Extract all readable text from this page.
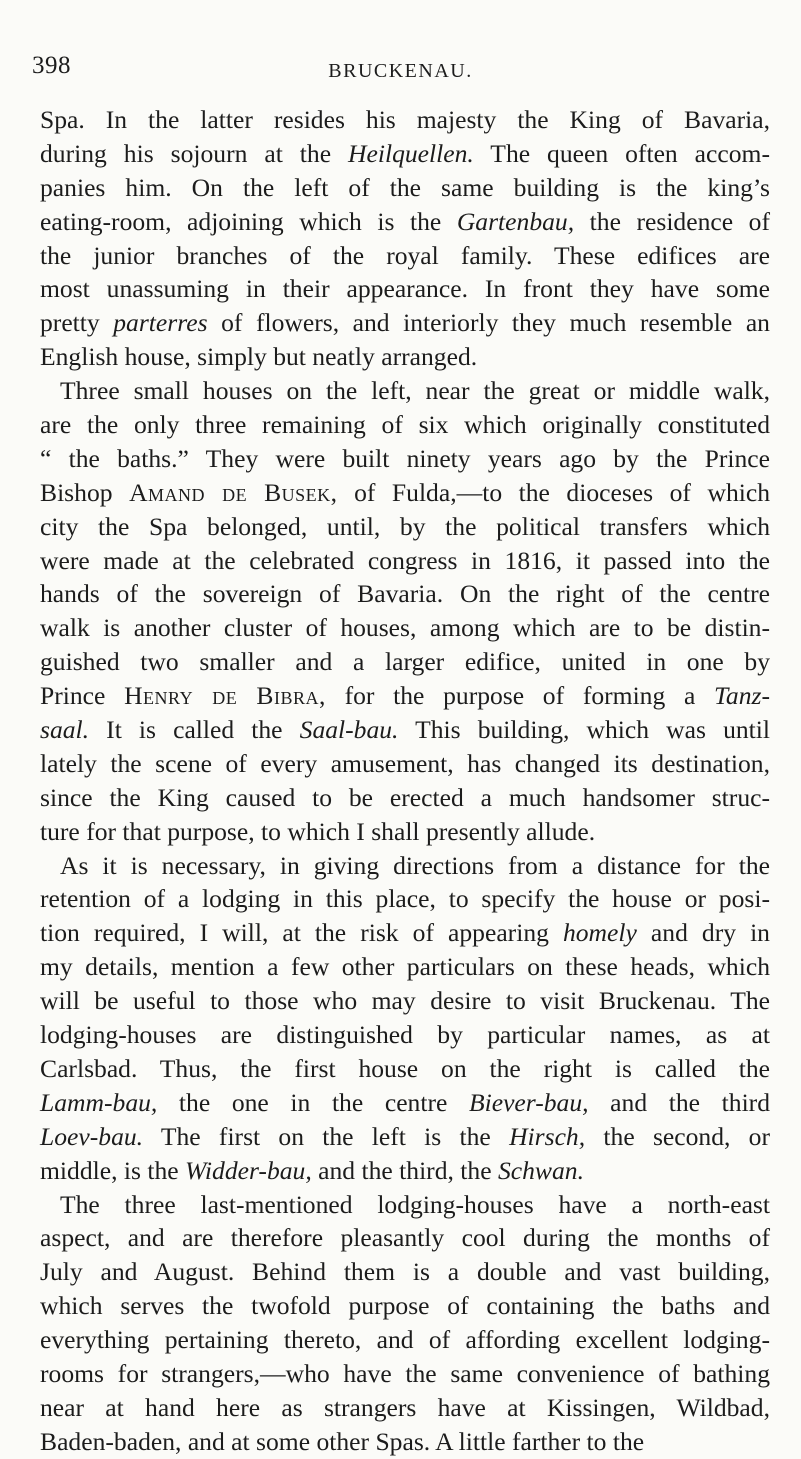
398	BRUCKENAU.
Spa. In the latter resides his majesty the King of Bavaria,
during his sojourn at the Heilquellen. The queen often accom-
panies him. On the left of the same building is the king’s
eating-room, adjoining which is the Gartenbau, the residence of
the junior branches of the royal family. These edifices are
most unassuming in their appearance. In front they have some
pretty parterres of flowers, and interiorly they much resemble an
English house, simply but neatly arranged.
Three small houses on the left, near the great or middle walk,
are the only three remaining of six which originally constituted
“ the baths.” They were built ninety years ago by the Prince
Bishop Amand de Busek, of Fulda,—to the dioceses of which
city the Spa belonged, until, by the political transfers which
were made at the celebrated congress in 1816, it passed into the
hands of the sovereign of Bavaria. On the right of the centre
walk is another cluster of houses, among which are to be distin-
guished two smaller and a larger edifice, united in one by
Prince Henry de Bibra, for the purpose of forming a Tanz-
saal. It is called the Saal-bau. This building, which was until
lately the scene of every amusement, has changed its destination,
since the King caused to be erected a much handsomer struc-
ture for that purpose, to which I shall presently allude.
As it is necessary, in giving directions from a distance for the
retention of a lodging in this place, to specify the house or posi-
tion required, I will, at the risk of appearing homely and dry in
my details, mention a few other particulars on these heads, which
will be useful to those who may desire to visit Bruckenau. The
lodging-houses are distinguished by particular names, as at
Carlsbad. Thus, the first house on the right is called the
Lamm-bau, the one in the centre Biever-bau, and the third
Loev-bau. The first on the left is the Hirsch, the second, or
middle, is the Widder-bau, and the third, the Schwan.
The three last-mentioned lodging-houses have a north-east
aspect, and are therefore pleasantly cool during the months of
July and August. Behind them is a double and vast building,
which serves the twofold purpose of containing the baths and
everything pertaining thereto, and of affording excellent lodging-
rooms for strangers,—who have the same convenience of bathing
near at hand here as strangers have at Kissingen, Wildbad,
Baden-baden, and at some other Spas. A little farther to the
